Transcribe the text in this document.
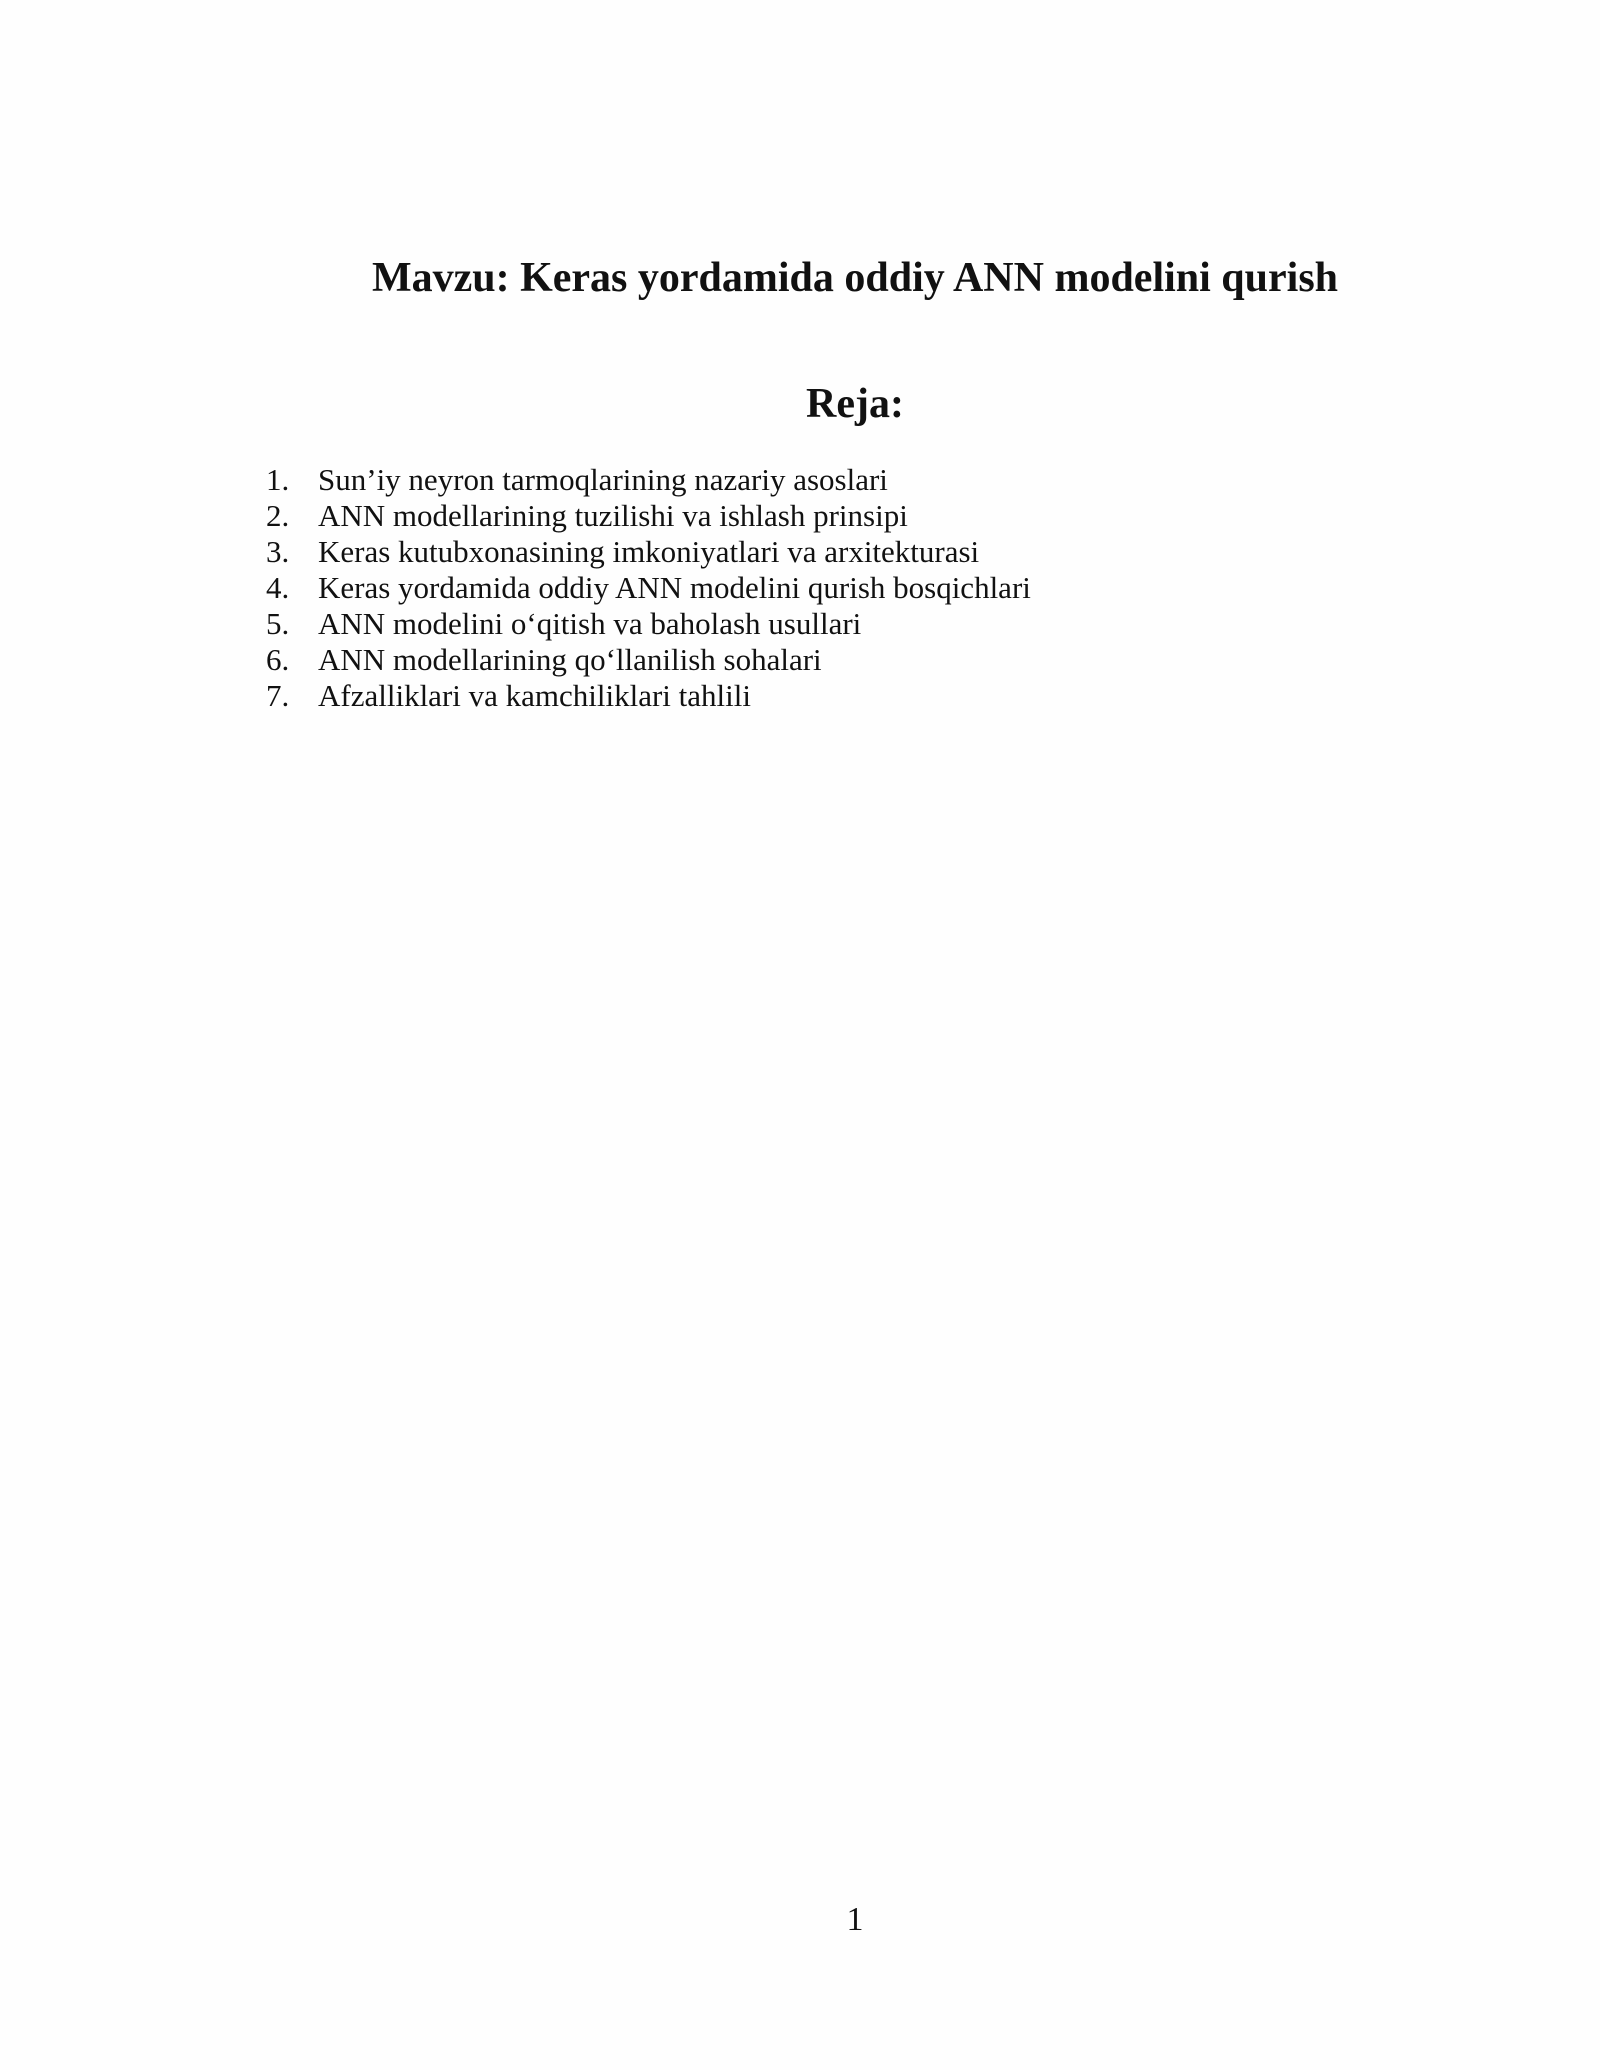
Mavzu: Keras yordamida oddiy ANN modelini qurish
Reja:
1. Sun’iy neyron tarmoqlarining nazariy asoslari
2. ANN modellarining tuzilishi va ishlash prinsipi
3. Keras kutubxonasining imkoniyatlari va arxitekturasi
4. Keras yordamida oddiy ANN modelini qurish bosqichlari
5. ANN modelini o‘qitish va baholash usullari
6. ANN modellarining qo‘llanilish sohalari
7. Afzalliklari va kamchiliklari tahlili
1
